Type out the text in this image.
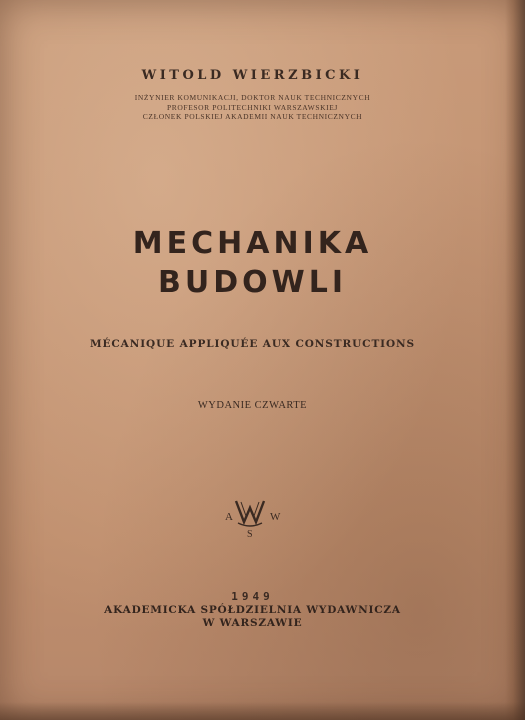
WITOLD WIERZBICKI
INŻYNIER KOMUNIKACJI, DOKTOR NAUK TECHNICZNYCH
PROFESOR POLITECHNIKI WARSZAWSKIEJ
CZŁONEK POLSKIEJ AKADEMII NAUK TECHNICZNYCH
MECHANIKA
BUDOWLI
MÉCANIQUE APPLIQUÉE AUX CONSTRUCTIONS
WYDANIE CZWARTE
A	W
S
1949
AKADEMICKA SPÓŁDZIELNIA WYDAWNICZA
W WARSZAWIE
